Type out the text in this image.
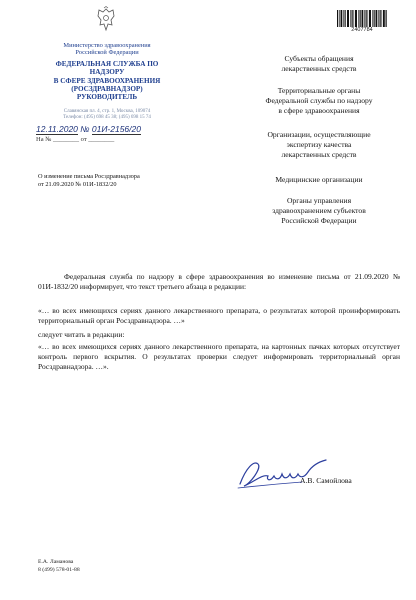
Министерство здравоохранения
Российской Федерации
ФЕДЕРАЛЬНАЯ СЛУЖБА ПО НАДЗОРУ
В СФЕРЕ ЗДРАВООХРАНЕНИЯ
(РОСЗДРАВНАДЗОР)
РУКОВОДИТЕЛЬ
Славянская пл. 4, стр. 1, Москва, 109074
Телефон: (495) 698 45 38; (495) 698 15 74
12.11.2020 № 01И-2156/20
На № ________ от ________
2407784
Субъекты обращения
лекарственных средств
Территориальные органы
Федеральной службы по надзору
в сфере здравоохранения
Организации, осуществляющие
экспертизу качества
лекарственных средств
Медицинские организации
Органы управления
здравоохранением субъектов
Российской Федерации
О изменение письма Росздравнадзора
от 21.09.2020 № 01И-1832/20
Федеральная служба по надзору в сфере здравоохранения во изменение письма от 21.09.2020 № 01И-1832/20 информирует, что текст третьего абзаца в редакции:
«… во всех имеющихся сериях данного лекарственного препарата, о результатах которой проинформировать территориальный орган Росздравнадзора. …»
следует читать в редакции:
«… во всех имеющихся сериях данного лекарственного препарата, на картонных пачках которых отсутствует контроль первого вскрытия. О результатах проверки следует информировать территориальный орган Росздравнадзора. …».
А.В. Самойлова
Е.А. Ламанова
8 (499) 578-01-88
